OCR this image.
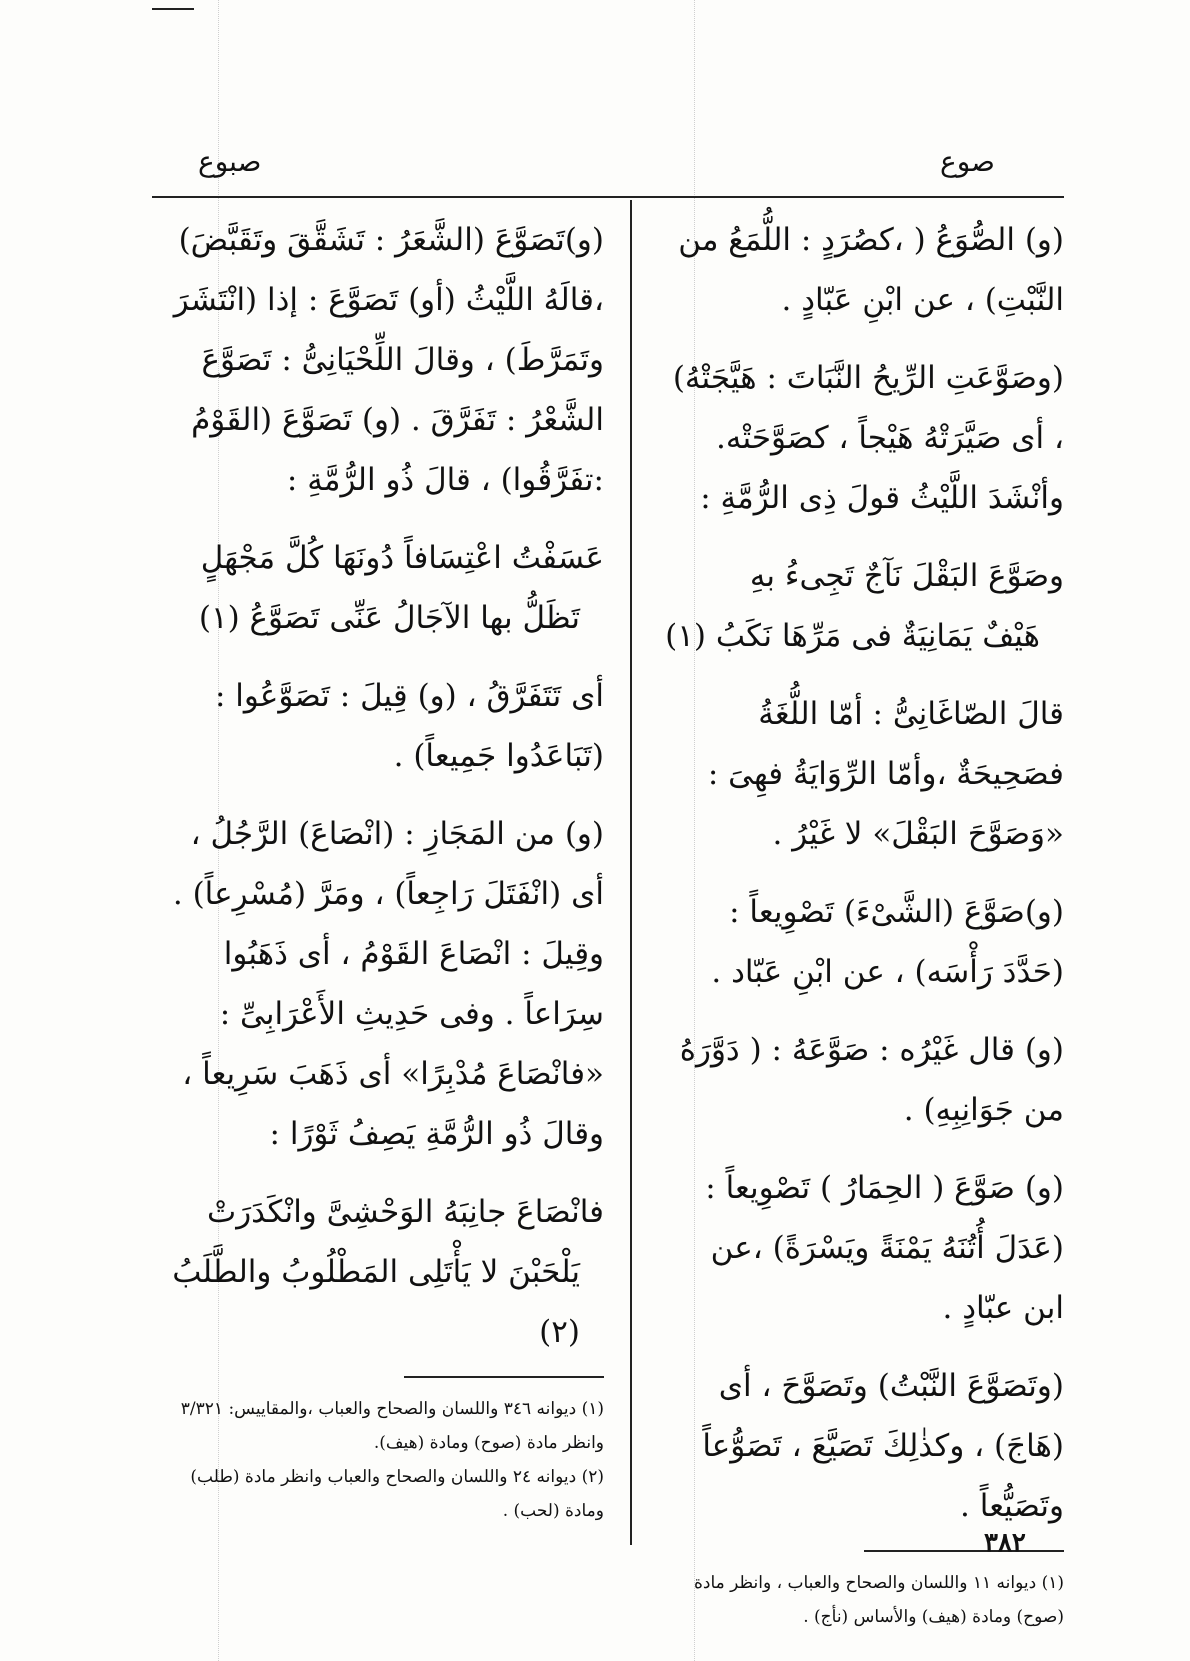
صوع
صبوع

(و) الصُّوَعُ ( ،كصُرَدٍ : اللُّمَعُ من النَّبْتِ) ، عن ابْنِ عَبّادٍ .

(وصَوَّعَتِ الرِّيحُ النَّبَاتَ : هَيَّجَتْهُ) ، أى صَيَّرَتْهُ هَيْجاً ، كصَوَّحَتْه. وأنْشَدَ اللَّيْثُ قولَ ذِى الرُّمَّةِ :

وصَوَّعَ البَقْلَ نَآجٌ تَجِىءُ بهِ
هَيْفٌ يَمَانِيَةٌ فى مَرِّهَا نَكَبُ (١)

قالَ الصّاغَانِىُّ : أمّا اللُّغَةُ فصَحِيحَةٌ ،وأمّا الرِّوَايَةُ فهِىَ : «وَصَوَّحَ البَقْلَ» لا غَيْرُ .

(و)صَوَّعَ (الشَّىْءَ) تَصْوِيعاً : (حَدَّدَ رَأْسَه) ، عن ابْنِ عَبّاد .

(و) قال غَيْرُه : صَوَّعَهُ : ( دَوَّرَهُ من جَوَانِبِهِ) .

(و) صَوَّعَ ( الحِمَارُ ) تَصْوِيعاً : (عَدَلَ أُتُنَهُ يَمْنَةً ويَسْرَةً) ،عن ابن عبّادٍ .

(وتَصَوَّعَ النَّبْتُ) وتَصَوَّحَ ، أى (هَاجَ) ، وكذٰلِكَ تَصَيَّعَ ، تَصَوُّعاً وتَصَيُّعاً .

(١) ديوانه ١١ واللسان والصحاح والعباب ، وانظر مادة (صوح) ومادة (هيف) والأساس (نأج) .

(و)تَصَوَّعَ (الشَّعَرُ : تَشَقَّقَ وتَقَبَّضَ) ،قالَهُ اللَّيْثُ (أو) تَصَوَّعَ : إذا (انْتَشَرَ وتَمَرَّطَ) ، وقالَ اللِّحْيَانِىُّ : تَصَوَّعَ الشَّعْرُ : تَفَرَّقَ . (و) تَصَوَّعَ (القَوْمُ :تفَرَّقُوا) ، قالَ ذُو الرُّمَّةِ :

عَسَفْتُ اعْتِسَافاً دُونَهَا كُلَّ مَجْهَلٍ
تَظَلُّ بها الآجَالُ عَنِّى تَصَوَّعُ (١)

أى تَتَفَرَّقُ ، (و) قِيلَ : تَصَوَّعُوا : (تَبَاعَدُوا جَمِيعاً) .

(و) من المَجَازِ : (انْصَاعَ) الرَّجُلُ ، أى (انْفَتَلَ رَاجِعاً) ، ومَرَّ (مُسْرِعاً) . وقِيلَ : انْصَاعَ القَوْمُ ، أى ذَهَبُوا سِرَاعاً . وفى حَدِيثِ الأَعْرَابِىِّ : «فانْصَاعَ مُدْبِرًا» أى ذَهَبَ سَرِيعاً ، وقالَ ذُو الرُّمَّةِ يَصِفُ ثَوْرًا :

فانْصَاعَ جانِبَهُ الوَحْشِىَّ وانْكَدَرَتْ
يَلْحَبْنَ لا يَأْتَلِى المَطْلُوبُ والطَّلَبُ (٢)

(١) ديوانه ٣٤٦ واللسان والصحاح والعباب ،والمقاييس: ٣/٣٢١ وانظر مادة (صوح) ومادة (هيف).

(٢) ديوانه ٢٤ واللسان والصحاح والعباب وانظر مادة (طلب) ومادة (لحب) .

٣٨٢
